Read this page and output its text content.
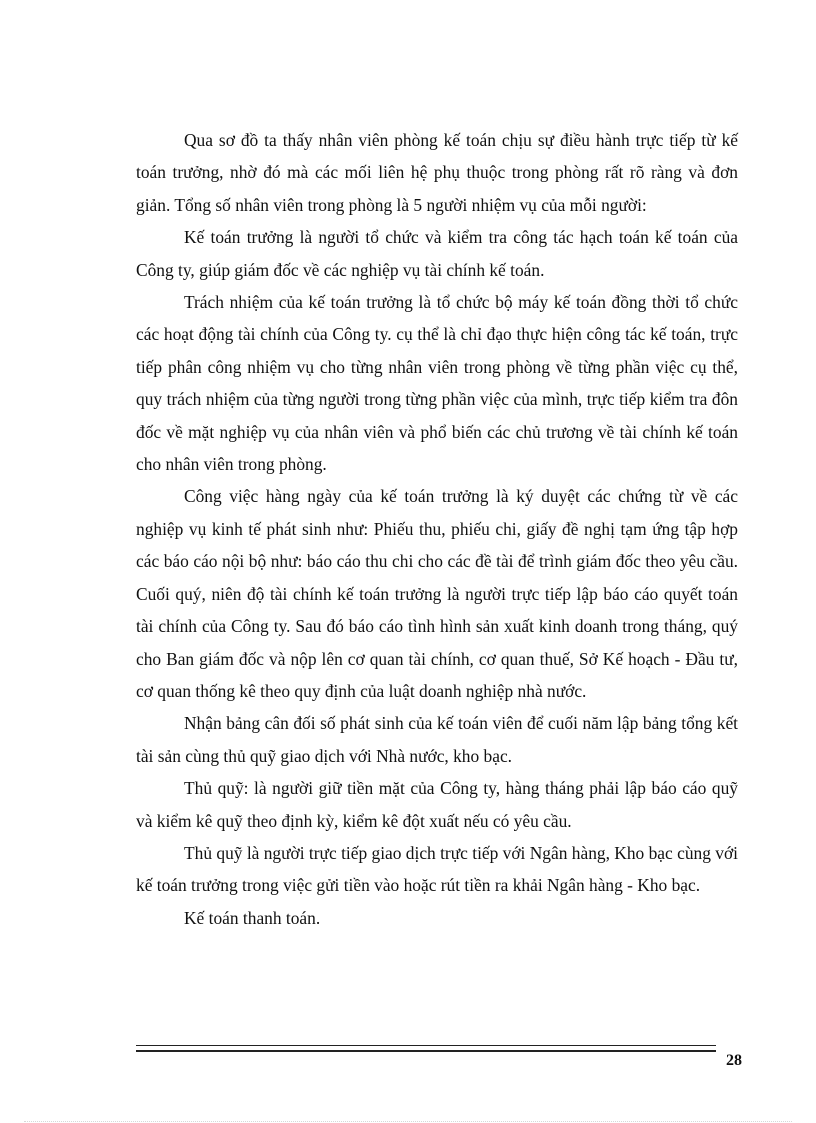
Qua sơ đồ ta thấy nhân viên phòng kế toán chịu sự điều hành trực tiếp từ kế toán trưởng, nhờ đó mà các mối liên hệ phụ thuộc trong phòng rất rõ ràng và đơn giản. Tổng số nhân viên trong phòng là 5 người nhiệm vụ của mỗi người:

Kế toán trưởng là người tổ chức và kiểm tra công tác hạch toán kế toán của Công ty, giúp giám đốc về các nghiệp vụ tài chính kế toán.

Trách nhiệm của kế toán trưởng là tổ chức bộ máy kế toán đồng thời tổ chức các hoạt động tài chính của Công ty. cụ thể là chỉ đạo thực hiện công tác kế toán, trực tiếp phân công nhiệm vụ cho từng nhân viên trong phòng về từng phần việc cụ thể, quy trách nhiệm của từng người trong từng phần việc của mình, trực tiếp kiểm tra đôn đốc về mặt nghiệp vụ của nhân viên và phổ biến các chủ trương về tài chính kế toán cho nhân viên trong phòng.

Công việc hàng ngày của kế toán trưởng là ký duyệt các chứng từ về các nghiệp vụ kinh tế phát sinh như: Phiếu thu, phiếu chi, giấy đề nghị tạm ứng tập hợp các báo cáo nội bộ như: báo cáo thu chi cho các đề tài để trình giám đốc theo yêu cầu. Cuối quý, niên độ tài chính kế toán trưởng là người trực tiếp lập báo cáo quyết toán tài chính của Công ty. Sau đó báo cáo tình hình sản xuất kinh doanh trong tháng, quý cho Ban giám đốc và nộp lên cơ quan tài chính, cơ quan thuế, Sở Kế hoạch - Đầu tư, cơ quan thống kê theo quy định của luật doanh nghiệp nhà nước.

Nhận bảng cân đối số phát sinh của kế toán viên để cuối năm lập bảng tổng kết tài sản cùng thủ quỹ giao dịch với Nhà nước, kho bạc.

Thủ quỹ: là người giữ tiền mặt của Công ty, hàng tháng phải lập báo cáo quỹ và kiểm kê quỹ theo định kỳ, kiểm kê đột xuất nếu có yêu cầu.

Thủ quỹ là người trực tiếp giao dịch trực tiếp với Ngân hàng, Kho bạc cùng với kế toán trưởng trong việc gửi tiền vào hoặc rút tiền ra khải Ngân hàng - Kho bạc.

Kế toán thanh toán.

28
